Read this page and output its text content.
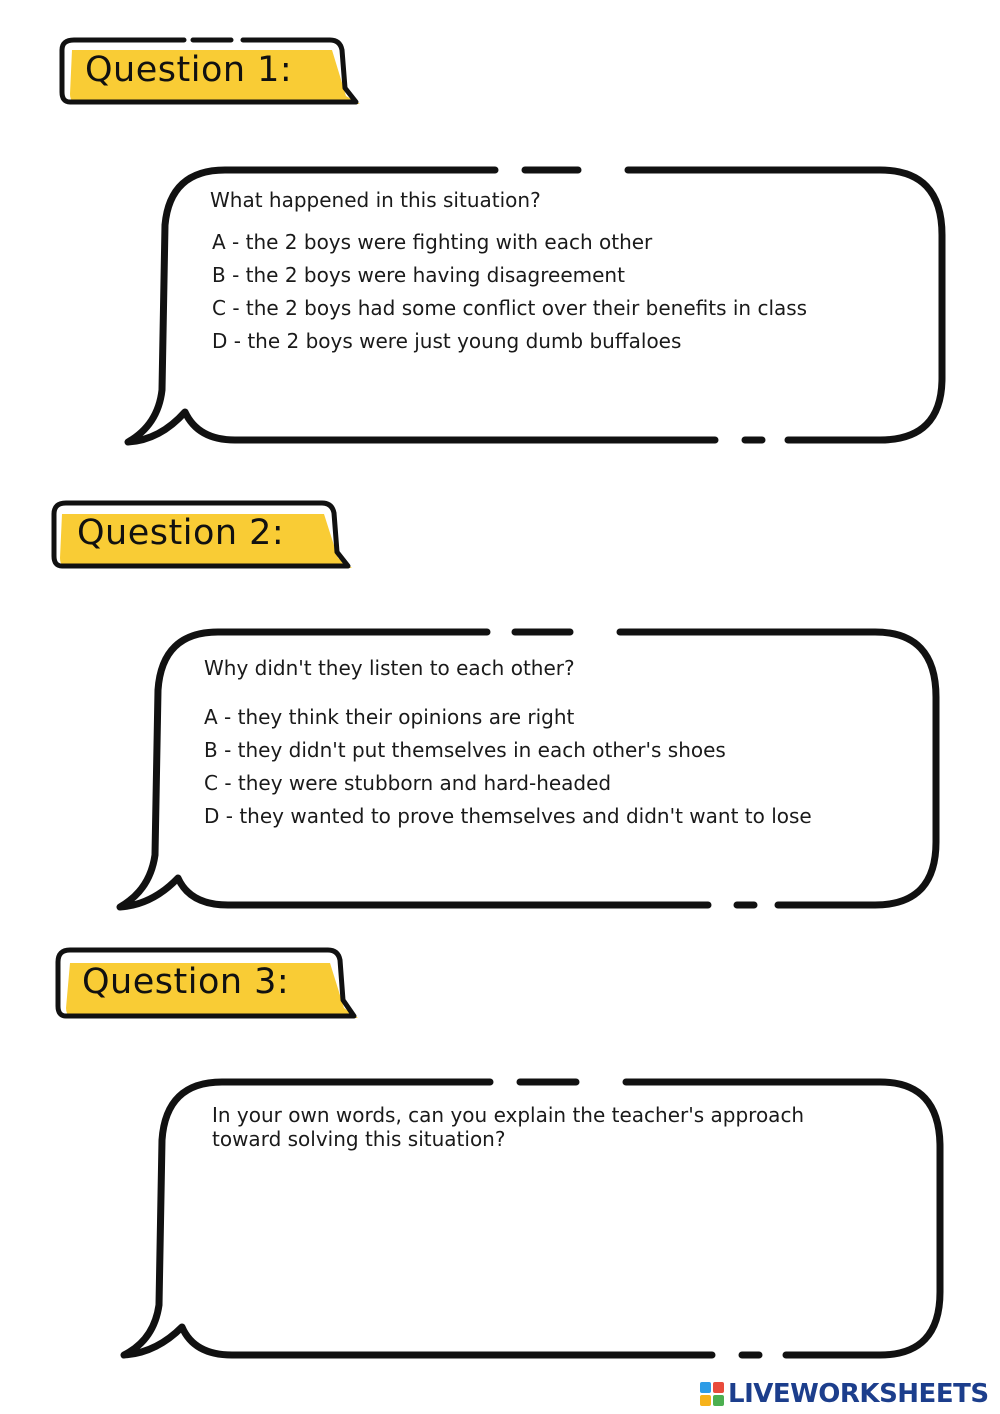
Question 1:
What happened in this situation?
A - the 2 boys were fighting with each other
B - the 2 boys were having disagreement
C - the 2 boys had some conflict over their benefits in class
D - the 2 boys were just young dumb buffaloes
Question 2:
Why didn't they listen to each other?
A - they think their opinions are right
B - they didn't put themselves in each other's shoes
C - they were stubborn and hard-headed
D - they wanted to prove themselves and didn't want to lose
Question 3:
In your own words, can you explain the teacher's approach
toward solving this situation?
LIVEWORKSHEETS
